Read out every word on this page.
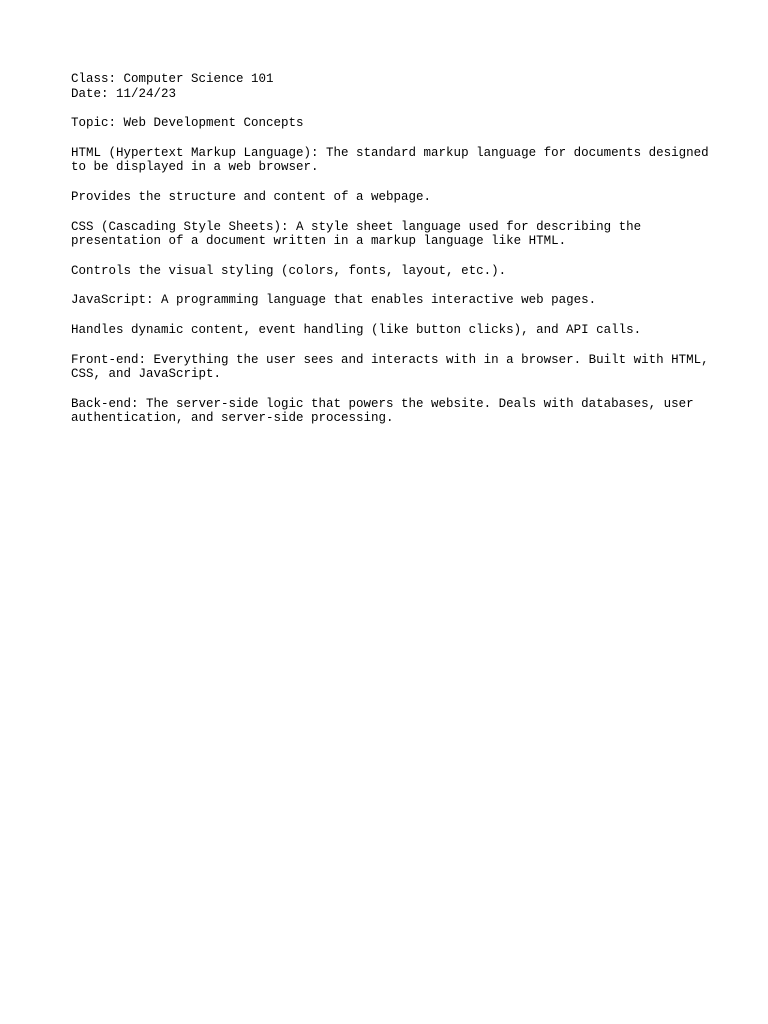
Class: Computer Science 101
Date: 11/24/23
Topic: Web Development Concepts

HTML (Hypertext Markup Language): The standard markup language for documents designed to be displayed in a web browser.

Provides the structure and content of a webpage.

CSS (Cascading Style Sheets): A style sheet language used for describing the presentation of a document written in a markup language like HTML.

Controls the visual styling (colors, fonts, layout, etc.).

JavaScript: A programming language that enables interactive web pages.

Handles dynamic content, event handling (like button clicks), and API calls.

Front-end: Everything the user sees and interacts with in a browser. Built with HTML, CSS, and JavaScript.

Back-end: The server-side logic that powers the website. Deals with databases, user authentication, and server-side processing.
